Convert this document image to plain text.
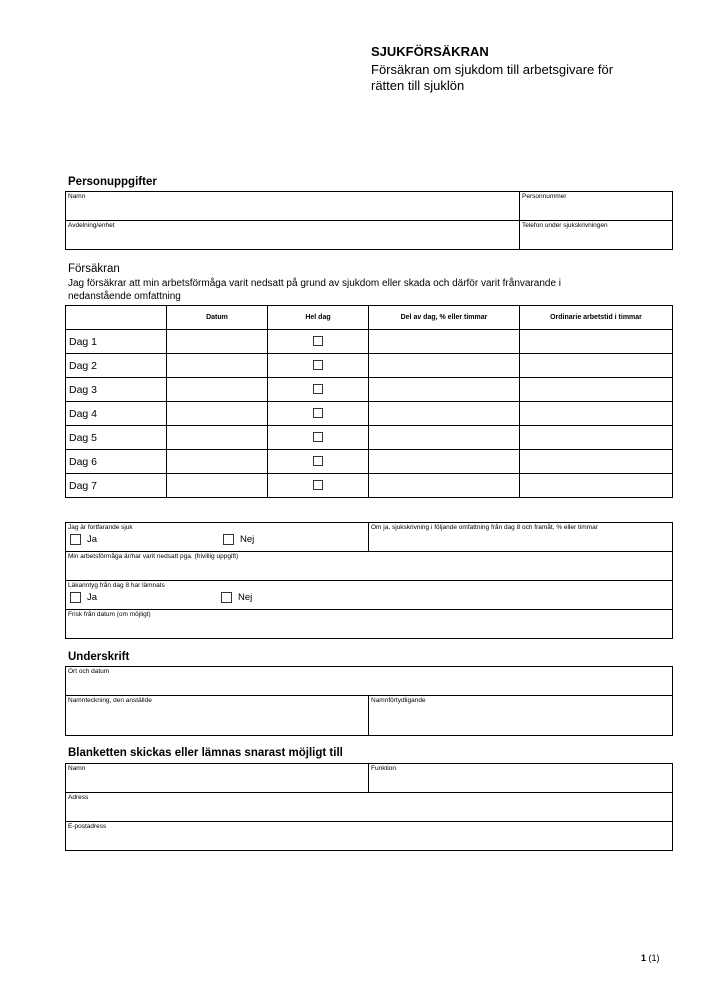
SJUKFÖRSÄKRAN
Försäkran om sjukdom till arbetsgivare för
rätten till sjuklön
Personuppgifter
Namn	Personnummer

Avdelning/enhet	Telefon under sjukskrivningen
Försäkran
Jag försäkrar att min arbetsförmåga varit nedsatt på grund av sjukdom eller skada och därför varit frånvarande i
nedanstående omfattning
	Datum	Hel dag	Del av dag, % eller timmar	Ordinarie arbetstid i timmar
Dag 1				
Dag 2				
Dag 3				
Dag 4				
Dag 5				
Dag 6				
Dag 7				
Jag är fortfarande sjuk
Ja	Nej

Om ja, sjukskrivning i följande omfattning från dag 8 och framåt, % eller timmar

Min arbetsförmåga är/har varit nedsatt pga. (frivillig uppgift)

Läkarintyg från dag 8 har lämnats
Ja	Nej

Frisk från datum (om möjligt)
Underskrift
Ort och datum

Namnteckning, den anställde	Namnförtydligande
Blanketten skickas eller lämnas snarast möjligt till
Namn	Funktion

Adress

E-postadress
1 (1)
